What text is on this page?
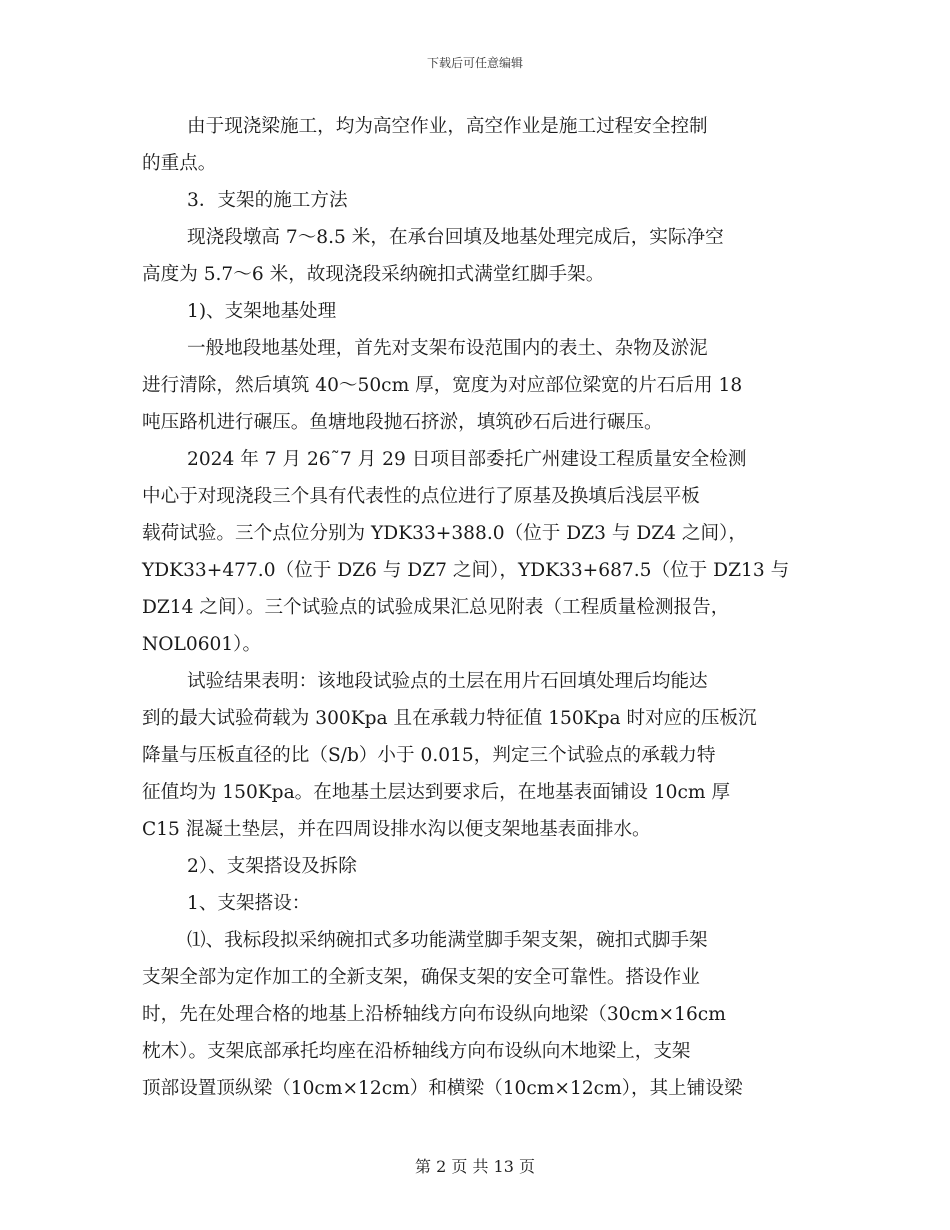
下载后可任意编辑
由于现浇梁施工，均为高空作业，高空作业是施工过程安全控制
的重点。
3．支架的施工方法
现浇段墩高 7～8.5 米，在承台回填及地基处理完成后，实际净空
高度为 5.7～6 米，故现浇段采纳碗扣式满堂红脚手架。
1)、支架地基处理
一般地段地基处理，首先对支架布设范围内的表土、杂物及淤泥
进行清除，然后填筑 40～50cm 厚，宽度为对应部位梁宽的片石后用 18
吨压路机进行碾压。鱼塘地段抛石挤淤，填筑砂石后进行碾压。
2024 年 7 月 26˜7 月 29 日项目部委托广州建设工程质量安全检测
中心于对现浇段三个具有代表性的点位进行了原基及换填后浅层平板
载荷试验。三个点位分别为 YDK33+388.0（位于 DZ3 与 DZ4 之间），
YDK33+477.0（位于 DZ6 与 DZ7 之间），YDK33+687.5（位于 DZ13 与
DZ14 之间）。三个试验点的试验成果汇总见附表（工程质量检测报告，
NOL0601）。
试验结果表明：该地段试验点的土层在用片石回填处理后均能达
到的最大试验荷载为 300Kpa 且在承载力特征值 150Kpa 时对应的压板沉
降量与压板直径的比（S/b）小于 0.015，判定三个试验点的承载力特
征值均为 150Kpa。在地基土层达到要求后，在地基表面铺设 10cm 厚
C15 混凝土垫层，并在四周设排水沟以便支架地基表面排水。
2）、支架搭设及拆除
1、支架搭设：
⑴、我标段拟采纳碗扣式多功能满堂脚手架支架，碗扣式脚手架
支架全部为定作加工的全新支架，确保支架的安全可靠性。搭设作业
时，先在处理合格的地基上沿桥轴线方向布设纵向地梁（30cm×16cm
枕木）。支架底部承托均座在沿桥轴线方向布设纵向木地梁上，支架
顶部设置顶纵梁（10cm×12cm）和横梁（10cm×12cm），其上铺设梁
第 2 页 共 13 页
